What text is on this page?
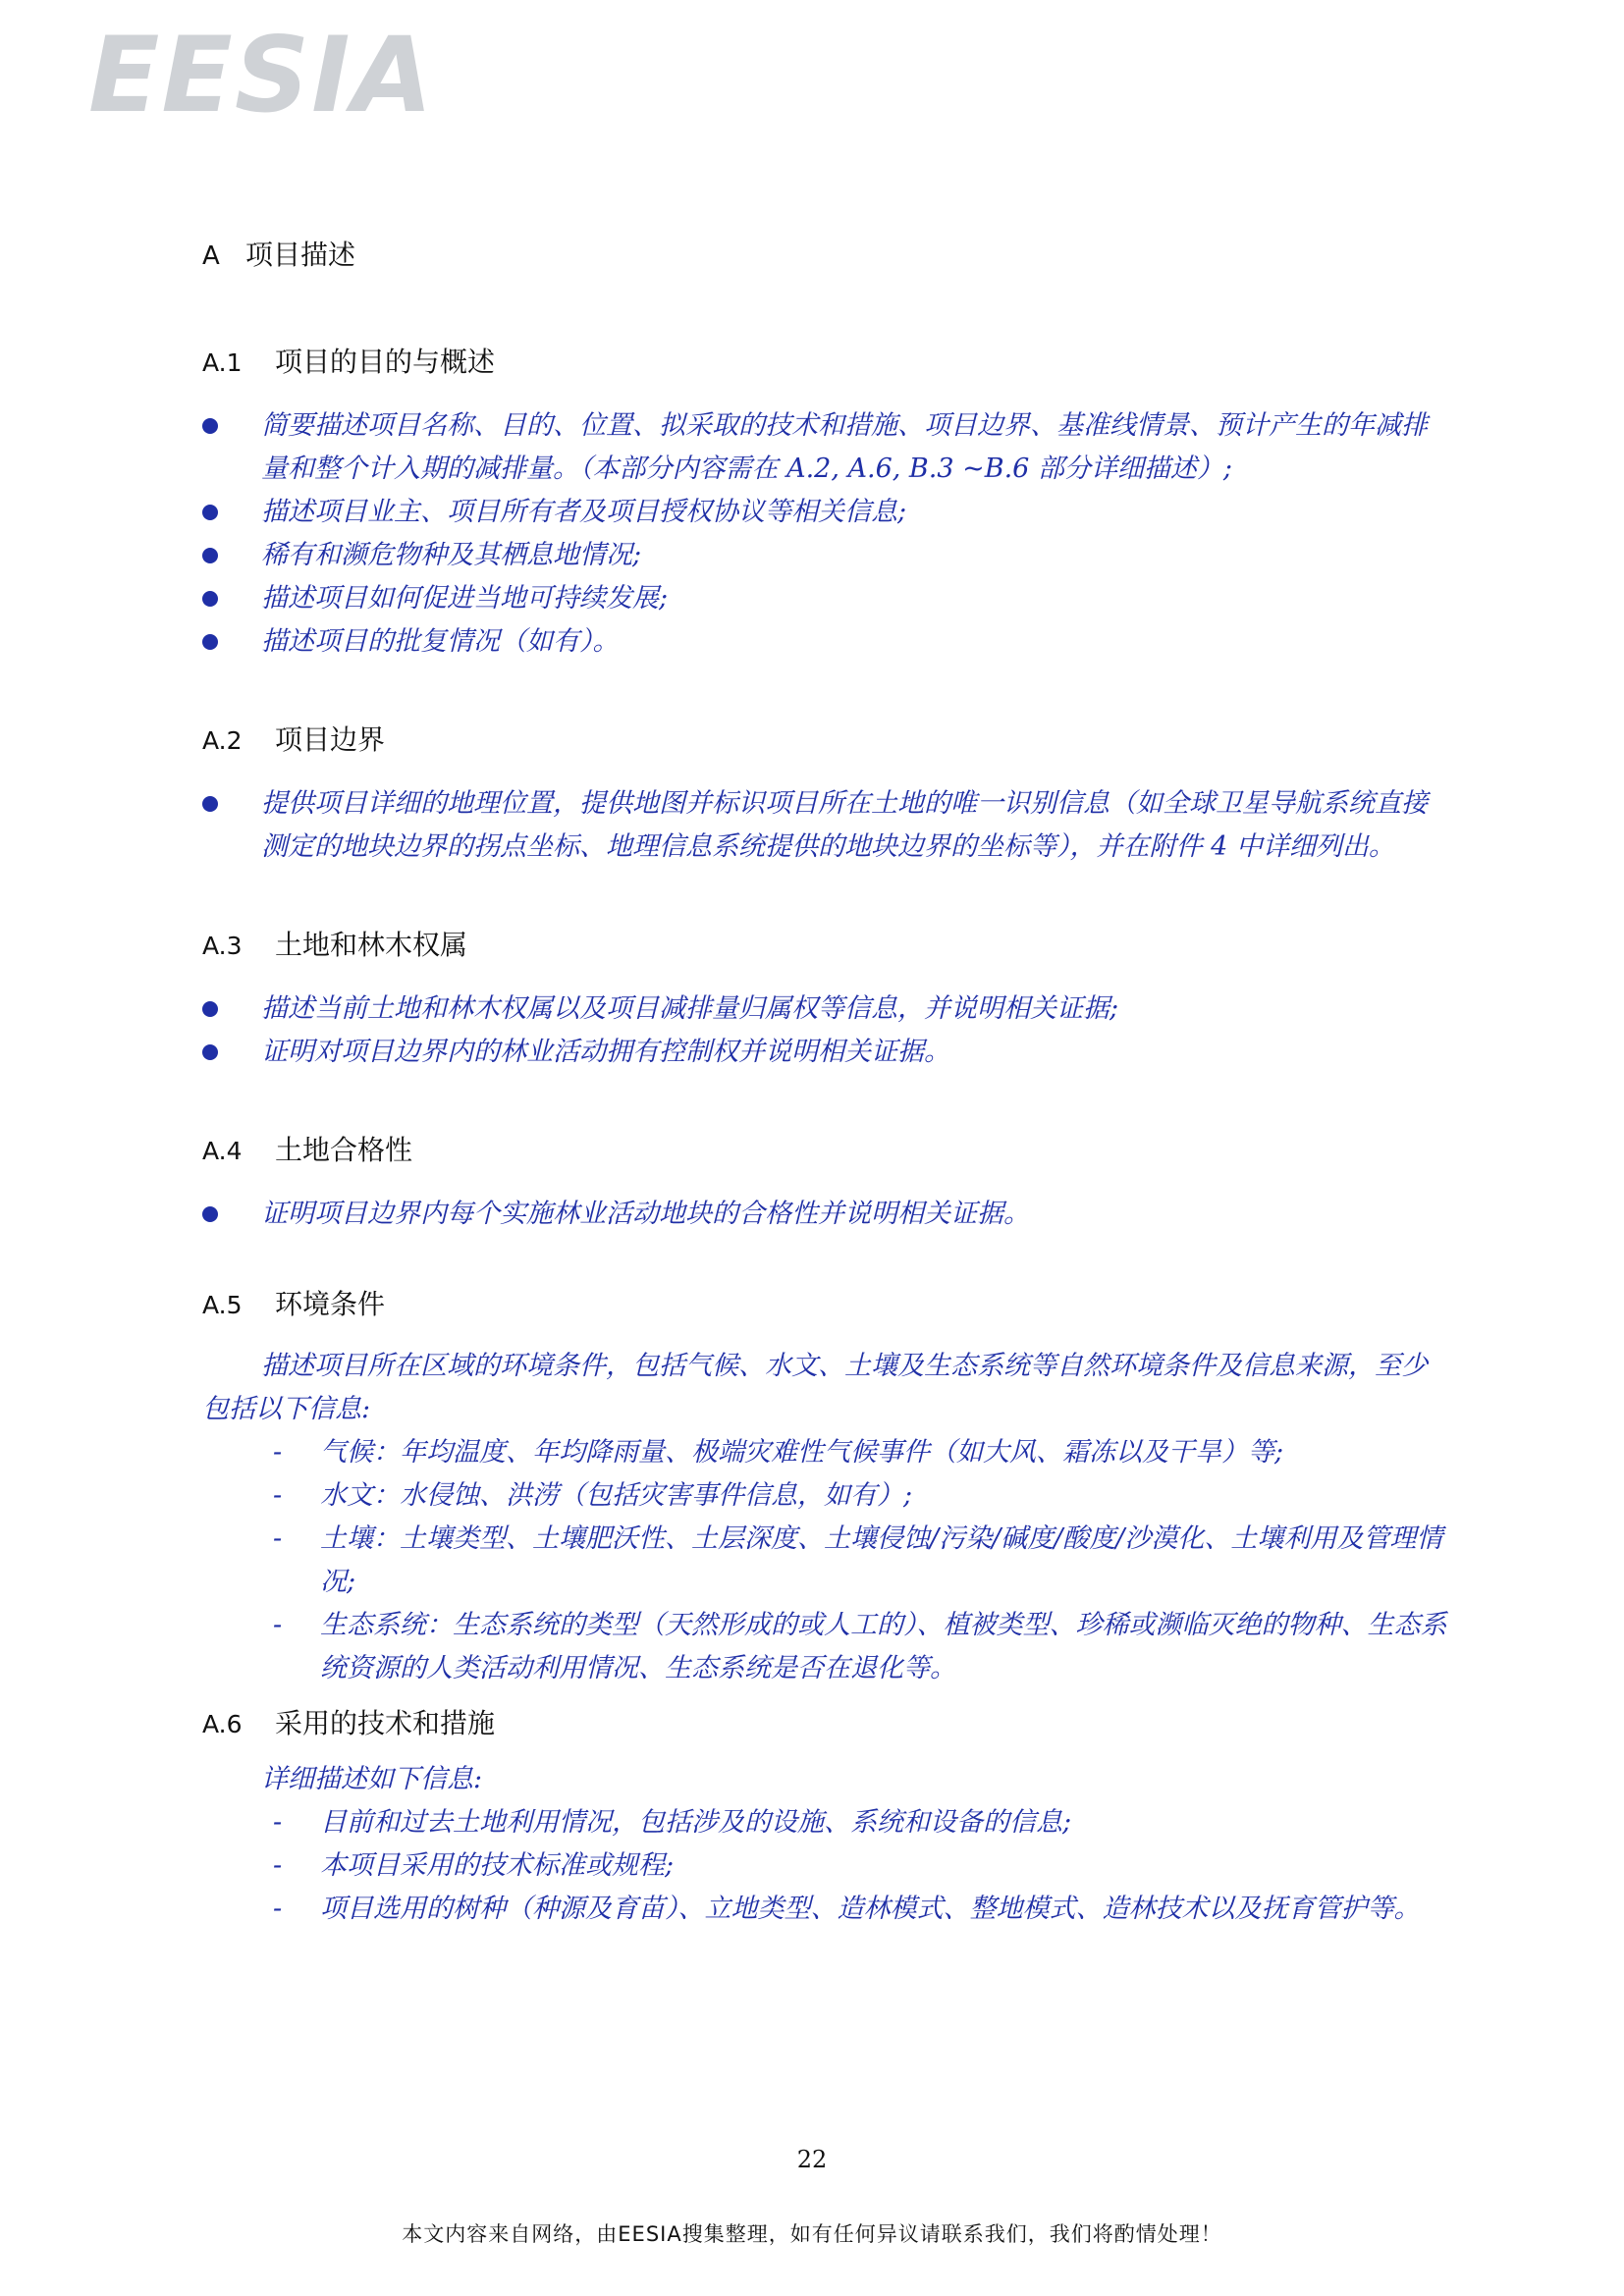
EESIA
A 项目描述
A.1 项目的目的与概述
简要描述项目名称、目的、位置、拟采取的技术和措施、项目边界、基准线情景、预计产生的年减排量和整个计入期的减排量。（本部分内容需在 A.2, A.6, B.3 ~B.6 部分详细描述）;
描述项目业主、项目所有者及项目授权协议等相关信息;
稀有和濒危物种及其栖息地情况;
描述项目如何促进当地可持续发展;
描述项目的批复情况（如有）。
A.2 项目边界
提供项目详细的地理位置，提供地图并标识项目所在土地的唯一识别信息（如全球卫星导航系统直接测定的地块边界的拐点坐标、地理信息系统提供的地块边界的坐标等），并在附件 4 中详细列出。
A.3 土地和林木权属
描述当前土地和林木权属以及项目减排量归属权等信息，并说明相关证据;
证明对项目边界内的林业活动拥有控制权并说明相关证据。
A.4 土地合格性
证明项目边界内每个实施林业活动地块的合格性并说明相关证据。
A.5 环境条件

描述项目所在区域的环境条件，包括气候、水文、土壤及生态系统等自然环境条件及信息来源，至少包括以下信息:

- 气候：年均温度、年均降雨量、极端灾难性气候事件（如大风、霜冻以及干旱）等;
- 水文：水侵蚀、洪涝（包括灾害事件信息，如有）;
- 土壤：土壤类型、土壤肥沃性、土层深度、土壤侵蚀/污染/碱度/酸度/沙漠化、土壤利用及管理情况;
- 生态系统：生态系统的类型（天然形成的或人工的）、植被类型、珍稀或濒临灭绝的物种、生态系统资源的人类活动利用情况、生态系统是否在退化等。
A.6 采用的技术和措施

详细描述如下信息:

- 目前和过去土地利用情况，包括涉及的设施、系统和设备的信息;
- 本项目采用的技术标准或规程;
- 项目选用的树种（种源及育苗）、立地类型、造林模式、整地模式、造林技术以及抚育管护等。
22
本文内容来自网络，由EESIA搜集整理，如有任何异议请联系我们，我们将酌情处理！
